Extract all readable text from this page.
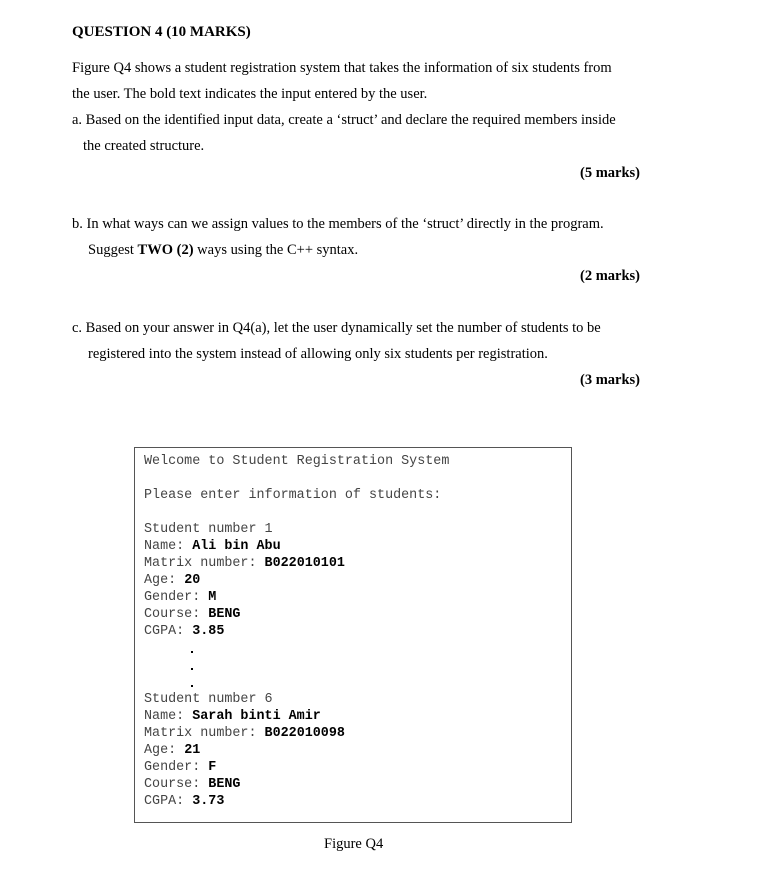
QUESTION 4 (10 MARKS)
Figure Q4 shows a student registration system that takes the information of six students from
the user. The bold text indicates the input entered by the user.
a. Based on the identified input data, create a ‘struct’ and declare the required members inside
the created structure.
(5 marks)
b. In what ways can we assign values to the members of the ‘struct’ directly in the program.
Suggest TWO (2) ways using the C++ syntax.
(2 marks)
c. Based on your answer in Q4(a), let the user dynamically set the number of students to be
registered into the system instead of allowing only six students per registration.
(3 marks)
Welcome to Student Registration System
Please enter information of students:
Student number 1
Name: Ali bin Abu
Matrix number: B022010101
Age: 20
Gender: M
Course: BENG
CGPA: 3.85
Student number 6
Name: Sarah binti Amir
Matrix number: B022010098
Age: 21
Gender: F
Course: BENG
CGPA: 3.73
Figure Q4
